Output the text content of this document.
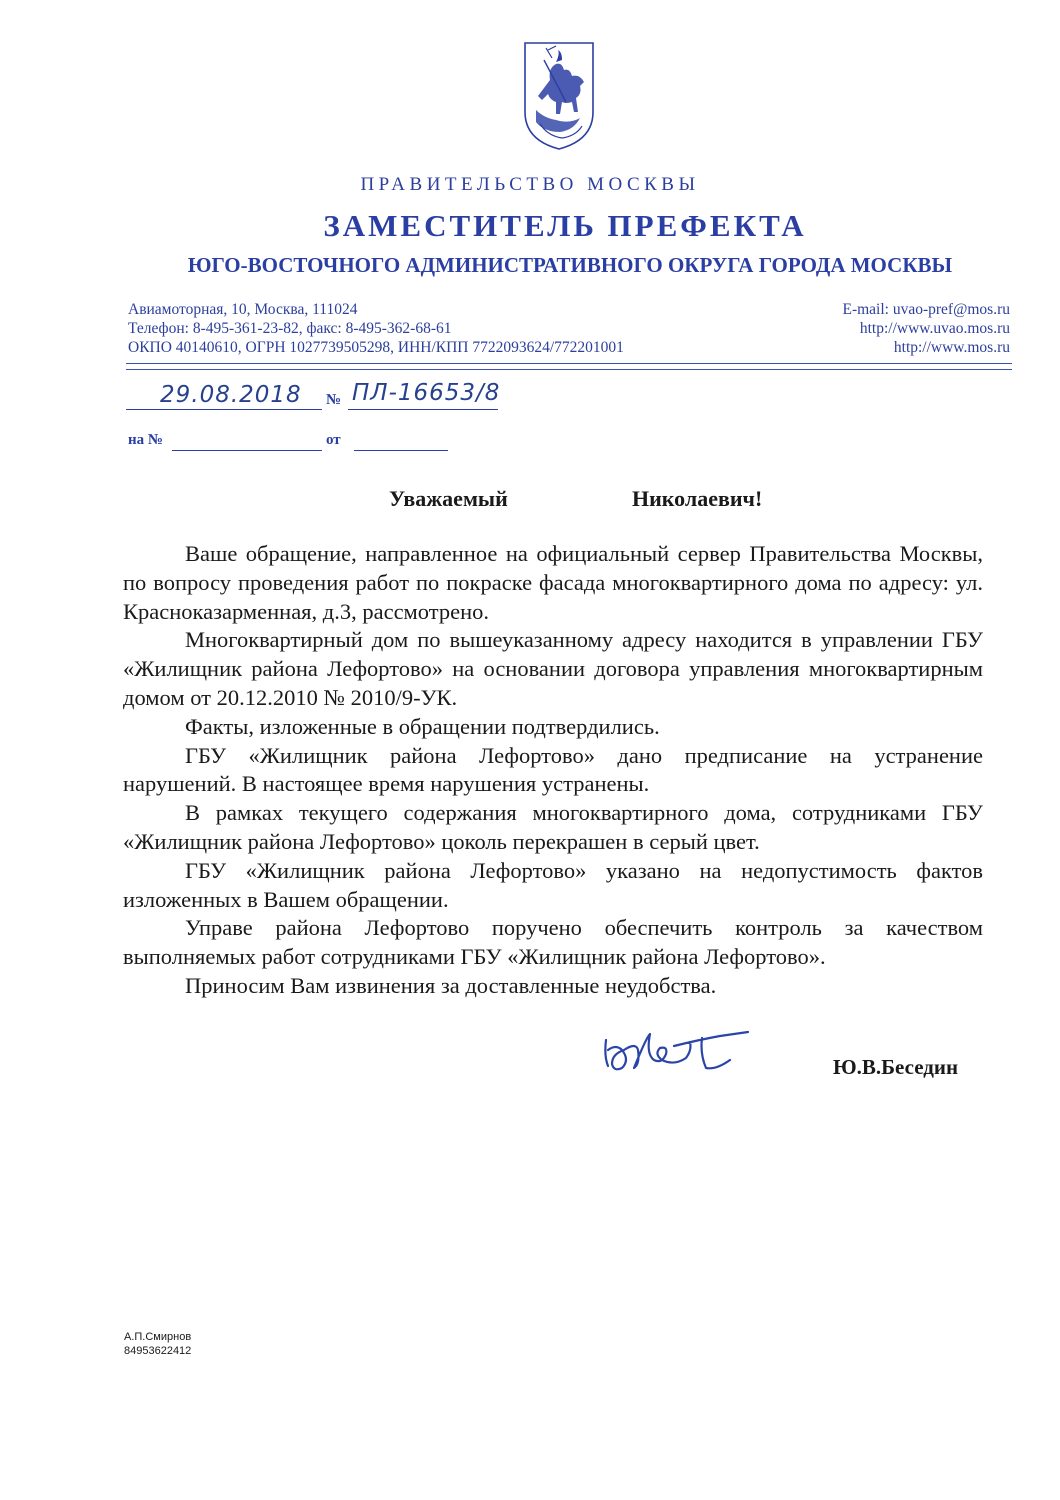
ПРАВИТЕЛЬСТВО МОСКВЫ
ЗАМЕСТИТЕЛЬ ПРЕФЕКТА
ЮГО-ВОСТОЧНОГО АДМИНИСТРАТИВНОГО ОКРУГА ГОРОДА МОСКВЫ
Авиамоторная, 10, Москва, 111024
Телефон: 8-495-361-23-82, факс: 8-495-362-68-61
ОКПО 40140610, ОГРН 1027739505298, ИНН/КПП 7722093624/772201001
E-mail: uvao-pref@mos.ru
http://www.uvao.mos.ru
http://www.mos.ru
29.08.2018 № ПЛ-16653/8
на №	от
Уважаемый	Николаевич!

Ваше обращение, направленное на официальный сервер Правительства Москвы, по вопросу проведения работ по покраске фасада многоквартирного дома по адресу: ул. Красноказарменная, д.3, рассмотрено.

Многоквартирный дом по вышеуказанному адресу находится в управлении ГБУ «Жилищник района Лефортово» на основании договора управления многоквартирным домом от 20.12.2010 № 2010/9-УК.

Факты, изложенные в обращении подтвердились.

ГБУ «Жилищник района Лефортово» дано предписание на устранение нарушений. В настоящее время нарушения устранены.

В рамках текущего содержания многоквартирного дома, сотрудниками ГБУ «Жилищник района Лефортово» цоколь перекрашен в серый цвет.

ГБУ «Жилищник района Лефортово» указано на недопустимость фактов изложенных в Вашем обращении.

Управе района Лефортово поручено обеспечить контроль за качеством выполняемых работ сотрудниками ГБУ «Жилищник района Лефортово».

Приносим Вам извинения за доставленные неудобства.

Ю.В.Беседин
А.П.Смирнов
84953622412
